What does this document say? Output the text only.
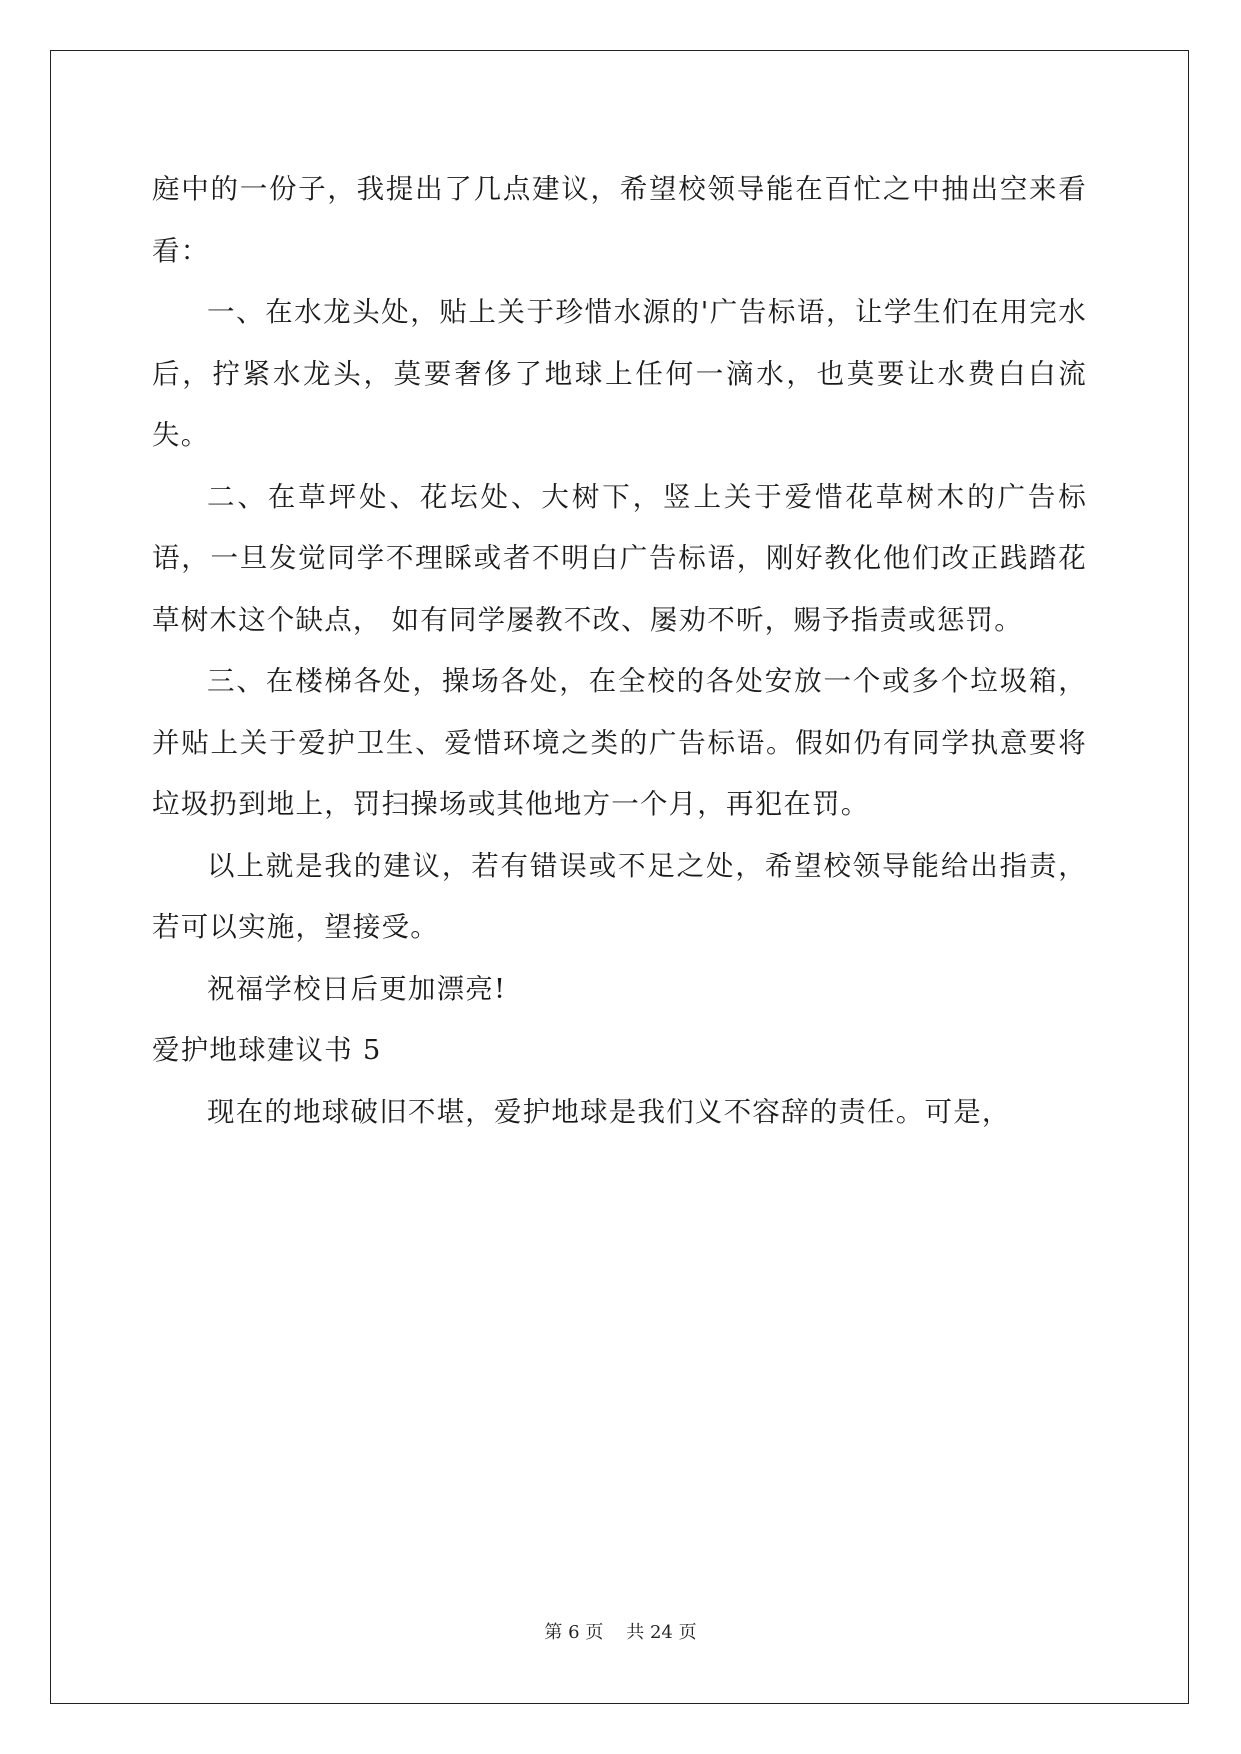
庭中的一份子，我提出了几点建议，希望校领导能在百忙之中抽出空来看看：

一、在水龙头处，贴上关于珍惜水源的'广告标语，让学生们在用完水后，拧紧水龙头，莫要奢侈了地球上任何一滴水，也莫要让水费白白流失。

二、在草坪处、花坛处、大树下，竖上关于爱惜花草树木的广告标语，一旦发觉同学不理睬或者不明白广告标语，刚好教化他们改正践踏花草树木这个缺点， 如有同学屡教不改、屡劝不听，赐予指责或惩罚。

三、在楼梯各处，操场各处，在全校的各处安放一个或多个垃圾箱，并贴上关于爱护卫生、爱惜环境之类的广告标语。假如仍有同学执意要将垃圾扔到地上，罚扫操场或其他地方一个月，再犯在罚。

以上就是我的建议，若有错误或不足之处，希望校领导能给出指责，若可以实施，望接受。

祝福学校日后更加漂亮!

爱护地球建议书 5

现在的地球破旧不堪，爱护地球是我们义不容辞的责任。可是，

第 6 页 共 24 页
